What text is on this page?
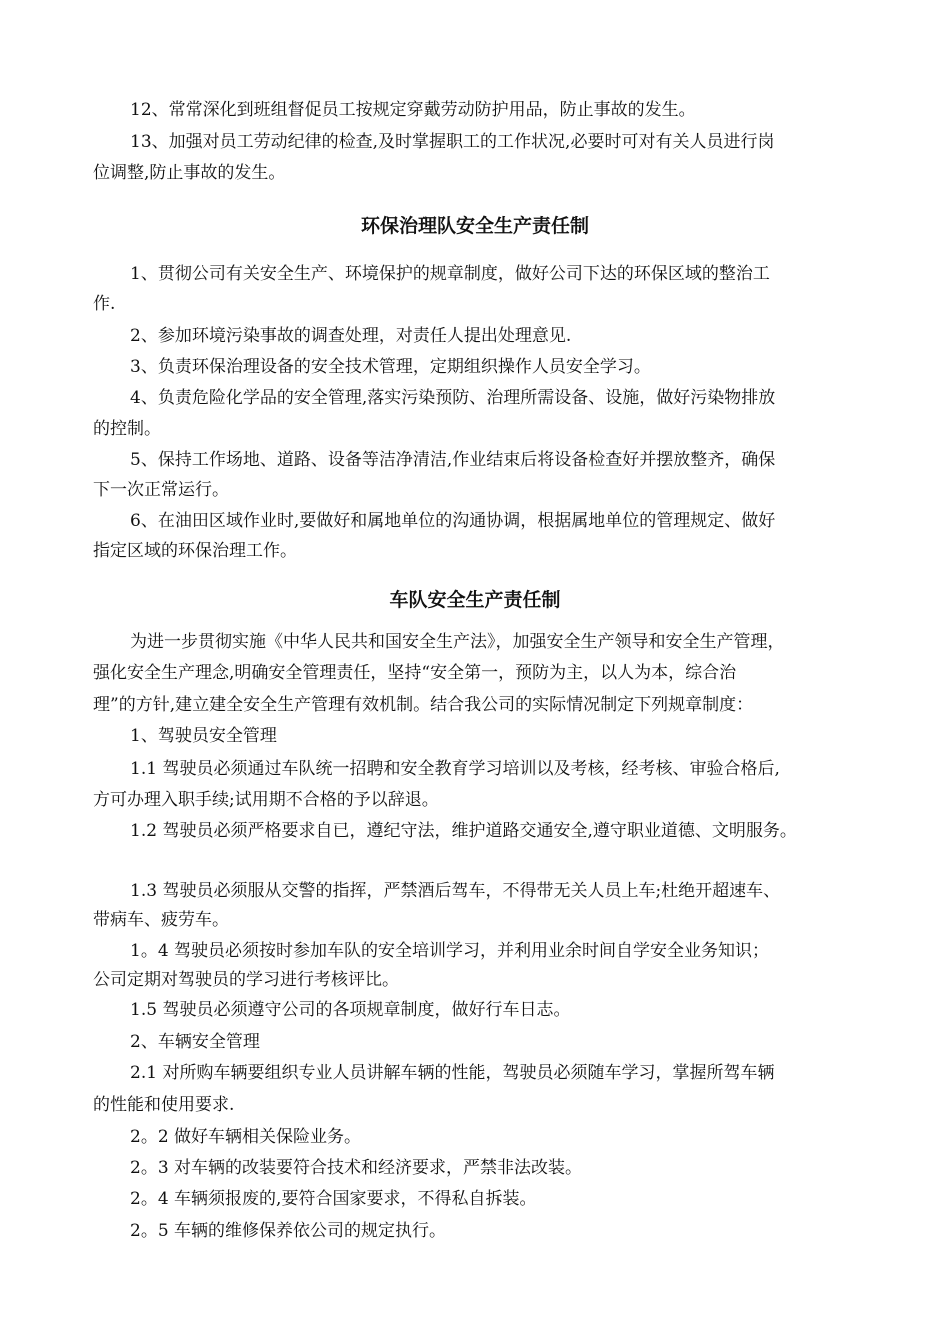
12、常常深化到班组督促员工按规定穿戴劳动防护用品，防止事故的发生。
13、加强对员工劳动纪律的检查,及时掌握职工的工作状况,必要时可对有关人员进行岗
位调整,防止事故的发生。
环保治理队安全生产责任制
1、贯彻公司有关安全生产、环境保护的规章制度，做好公司下达的环保区域的整治工
作.
2、参加环境污染事故的调查处理，对责任人提出处理意见.
3、负责环保治理设备的安全技术管理，定期组织操作人员安全学习。
4、负责危险化学品的安全管理,落实污染预防、治理所需设备、设施，做好污染物排放
的控制。
5、保持工作场地、道路、设备等洁净清洁,作业结束后将设备检查好并摆放整齐，确保
下一次正常运行。
6、在油田区域作业时,要做好和属地单位的沟通协调，根据属地单位的管理规定、做好
指定区域的环保治理工作。
车队安全生产责任制
为进一步贯彻实施《中华人民共和国安全生产法》，加强安全生产领导和安全生产管理，
强化安全生产理念,明确安全管理责任，坚持“安全第一，预防为主，以人为本，综合治
理”的方针,建立建全安全生产管理有效机制。结合我公司的实际情况制定下列规章制度：
1、驾驶员安全管理
1.1 驾驶员必须通过车队统一招聘和安全教育学习培训以及考核，经考核、审验合格后,
方可办理入职手续;试用期不合格的予以辞退。
1.2 驾驶员必须严格要求自已，遵纪守法，维护道路交通安全,遵守职业道德、文明服务。
1.3 驾驶员必须服从交警的指挥，严禁酒后驾车，不得带无关人员上车;杜绝开超速车、
带病车、疲劳车。
1。4 驾驶员必须按时参加车队的安全培训学习，并利用业余时间自学安全业务知识；
公司定期对驾驶员的学习进行考核评比。
1.5 驾驶员必须遵守公司的各项规章制度，做好行车日志。
2、车辆安全管理
2.1 对所购车辆要组织专业人员讲解车辆的性能，驾驶员必须随车学习，掌握所驾车辆
的性能和使用要求.
2。2 做好车辆相关保险业务。
2。3 对车辆的改装要符合技术和经济要求，严禁非法改装。
2。4 车辆须报废的,要符合国家要求，不得私自拆装。
2。5 车辆的维修保养依公司的规定执行。
